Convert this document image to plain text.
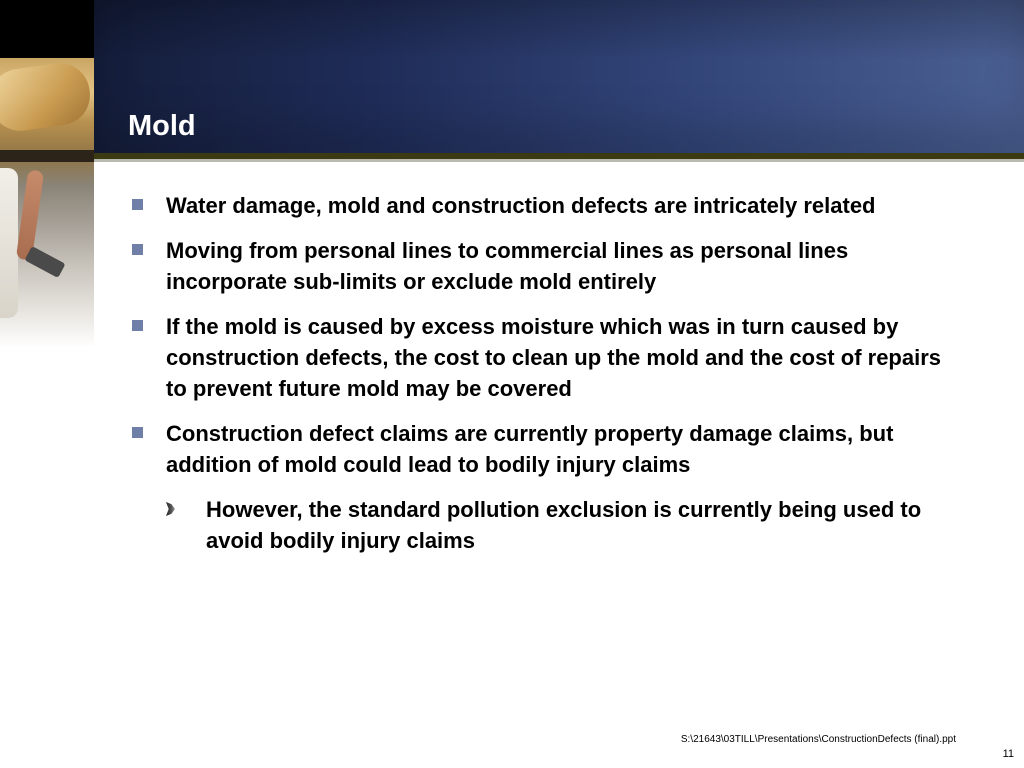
Mold
Water damage, mold and construction defects are intricately related
Moving from personal lines to commercial lines as personal lines incorporate sub-limits or exclude mold entirely
If the mold is caused by excess moisture which was in turn caused by construction defects, the cost to clean up the mold and the cost of repairs to prevent future mold may be covered
Construction defect claims are currently property damage claims, but addition of mold could lead to bodily injury claims
However, the standard pollution exclusion is currently being used to avoid bodily injury claims
S:\21643\03TILL\Presentations\ConstructionDefects (final).ppt
11
